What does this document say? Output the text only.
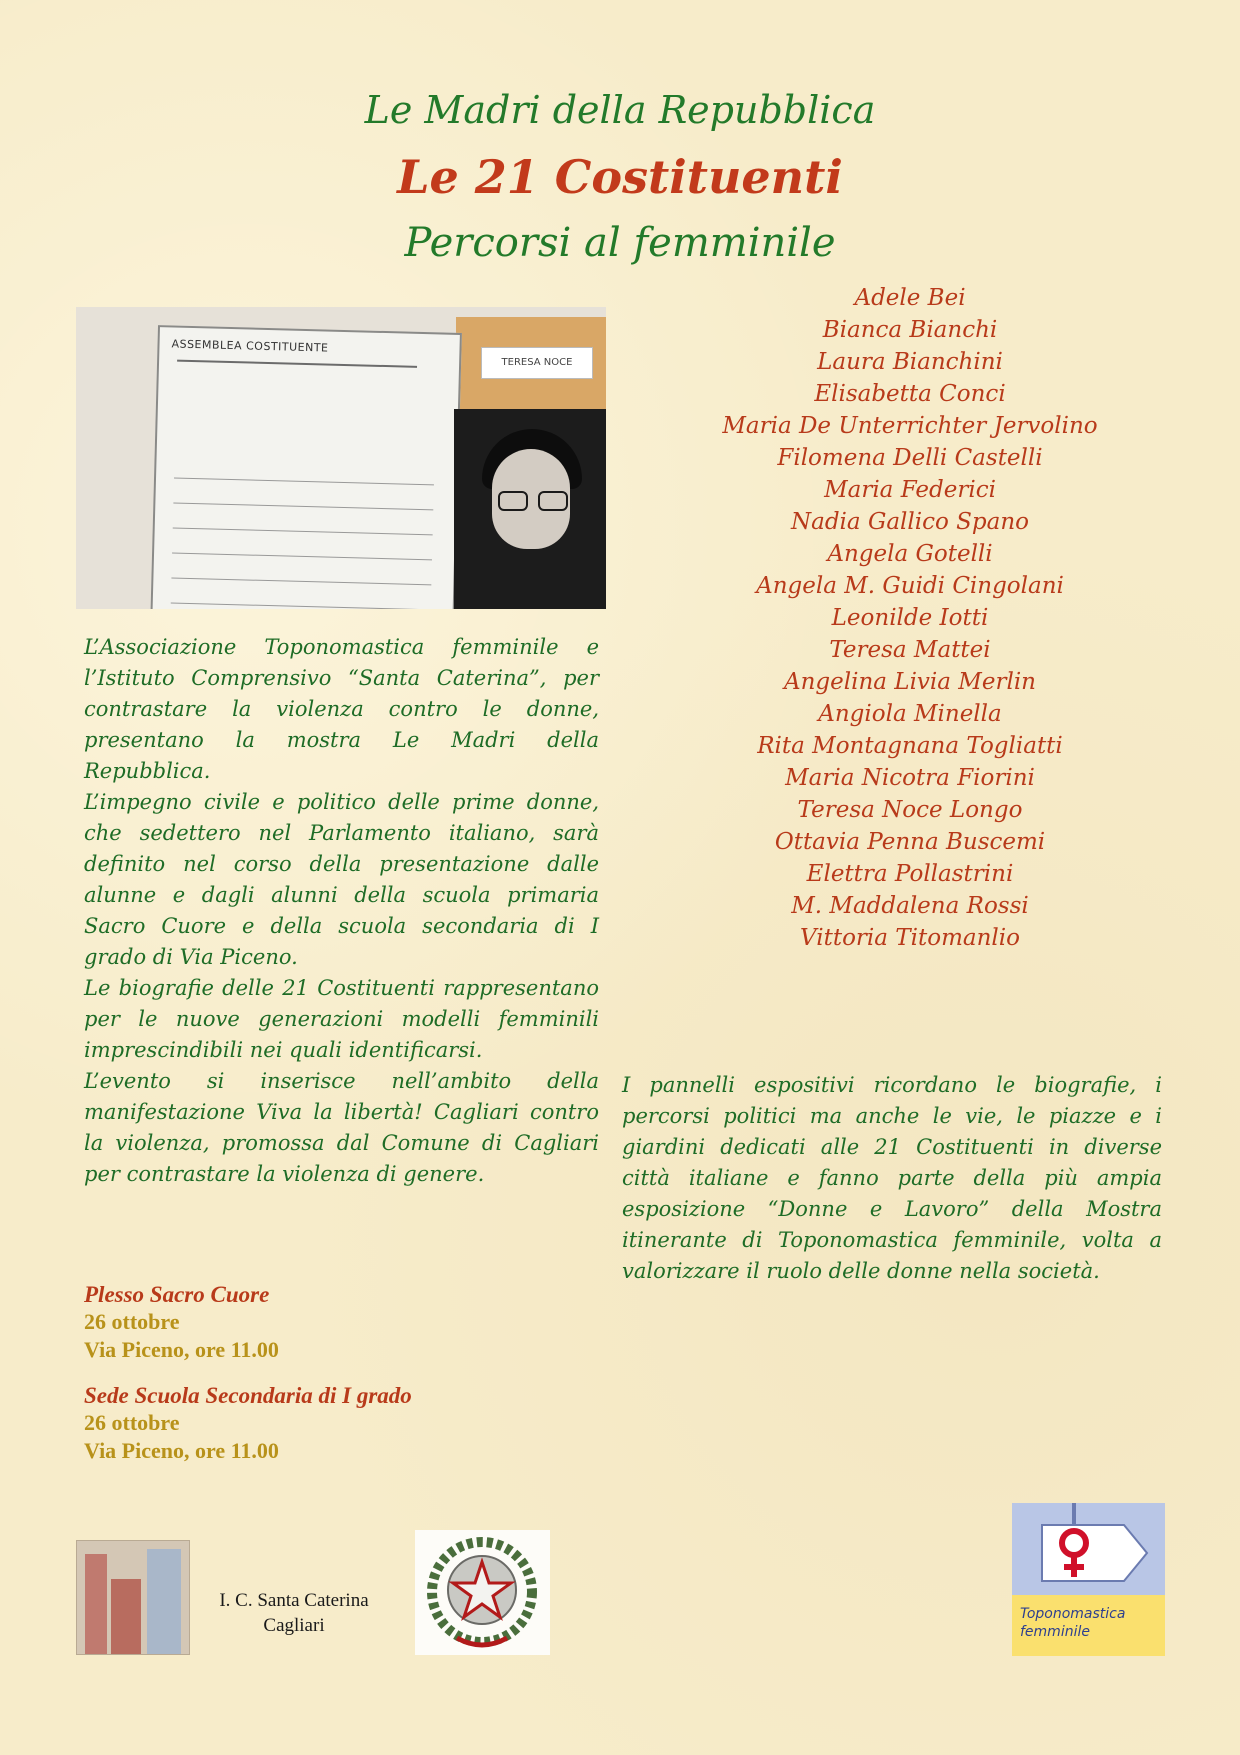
Le Madri della Repubblica
Le 21 Costituenti
Percorsi al femminile
ASSEMBLEA COSTITUENTE
TERESA NOCE
Adele Bei
Bianca Bianchi
Laura Bianchini
Elisabetta Conci
Maria De Unterrichter Jervolino
Filomena Delli Castelli
Maria Federici
Nadia Gallico Spano
Angela Gotelli
Angela M. Guidi Cingolani
Leonilde Iotti
Teresa Mattei
Angelina Livia Merlin
Angiola Minella
Rita Montagnana Togliatti
Maria Nicotra Fiorini
Teresa Noce Longo
Ottavia Penna Buscemi
Elettra Pollastrini
M. Maddalena Rossi
Vittoria Titomanlio

L’Associazione Toponomastica femminile e l’Istituto Comprensivo “Santa Caterina”, per contrastare la violenza contro le donne, presentano la mostra Le Madri della Repubblica.

L’impegno civile e politico delle prime donne, che sedettero nel Parlamento italiano, sarà definito nel corso della presentazione dalle alunne e dagli alunni della scuola primaria Sacro Cuore e della scuola secondaria di I grado di Via Piceno.

Le biografie delle 21 Costituenti rappresentano per le nuove generazioni modelli femminili imprescindibili nei quali identificarsi.

L’evento si inserisce nell’ambito della manifestazione Viva la libertà! Cagliari contro la violenza, promossa dal Comune di Cagliari per contrastare la violenza di genere.

I pannelli espositivi ricordano le biografie, i percorsi politici ma anche le vie, le piazze e i giardini dedicati alle 21 Costituenti in diverse città italiane e fanno parte della più ampia esposizione “Donne e Lavoro” della Mostra itinerante di Toponomastica femminile, volta a valorizzare il ruolo delle donne nella società.
Plesso Sacro Cuore
26 ottobre
Via Piceno, ore 11.00
Sede Scuola Secondaria di I grado
26 ottobre
Via Piceno, ore 11.00
I. C. Santa Caterina
Cagliari
Toponomastica
femminile
